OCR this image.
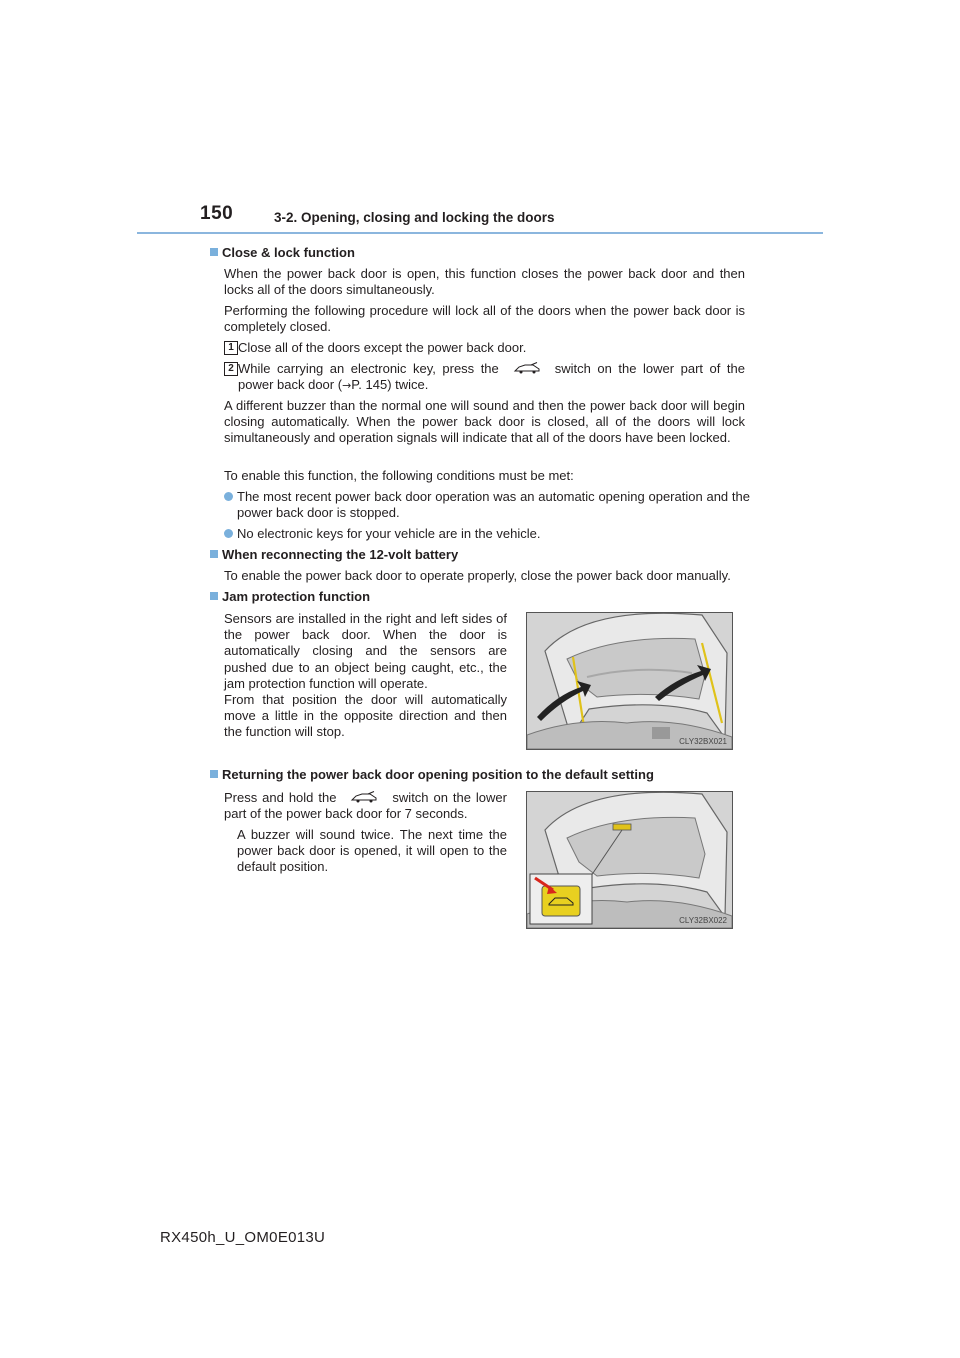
150	3-2. Opening, closing and locking the doors
Close & lock function
When the power back door is open, this function closes the power back door and then locks all of the doors simultaneously.
Performing the following procedure will lock all of the doors when the power back door is completely closed.
1 Close all of the doors except the power back door.
2 While carrying an electronic key, press the	switch on the lower part of the power back door (→P. 145) twice.
A different buzzer than the normal one will sound and then the power back door will begin closing automatically. When the power back door is closed, all of the doors will lock simultaneously and operation signals will indicate that all of the doors have been locked.
To enable this function, the following conditions must be met:
The most recent power back door operation was an automatic opening operation and the power back door is stopped.
No electronic keys for your vehicle are in the vehicle.
When reconnecting the 12-volt battery
To enable the power back door to operate properly, close the power back door manually.
Jam protection function
Sensors are installed in the right and left sides of the power back door. When the door is automatically closing and the sensors are pushed due to an object being caught, etc., the jam protection function will operate.
From that position the door will automatically move a little in the opposite direction and then the function will stop.
CLY32BX021
Returning the power back door opening position to the default setting
Press and hold the	switch on the lower part of the power back door for 7 seconds.
A buzzer will sound twice. The next time the power back door is opened, it will open to the default position.
CLY32BX022
RX450h_U_OM0E013U
